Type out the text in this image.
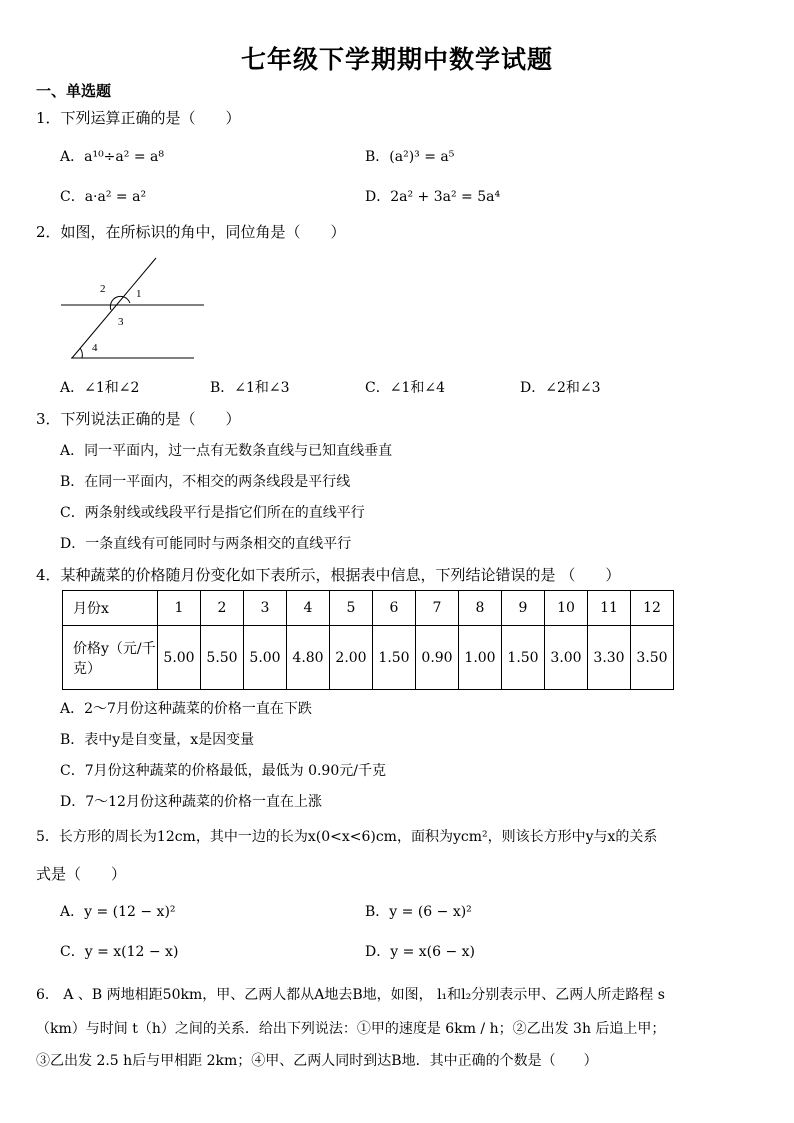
七年级下学期期中数学试题
一、单选题
1．下列运算正确的是（　　）
A．a¹⁰÷a² = a⁸	B．(a²)³ = a⁵
C．a·a² = a²	D．2a² + 3a² = 5a⁴
2．如图，在所标识的角中，同位角是（　　）
2	1
3
4
A．∠1和∠2	B．∠1和∠3	C．∠1和∠4	D．∠2和∠3
3．下列说法正确的是（　　）
A．同一平面内，过一点有无数条直线与已知直线垂直
B．在同一平面内，不相交的两条线段是平行线
C．两条射线或线段平行是指它们所在的直线平行
D．一条直线有可能同时与两条相交的直线平行
4．某种蔬菜的价格随月份变化如下表所示，根据表中信息，下列结论错误的是 （　　）
月份x	1	2	3	4	5	6	7	8	9	10	11	12
价格y（元/千克）	5.00	5.50	5.00	4.80	2.00	1.50	0.90	1.00	1.50	3.00	3.30	3.50
A．2～7月份这种蔬菜的价格一直在下跌
B．表中y是自变量，x是因变量
C．7月份这种蔬菜的价格最低，最低为 0.90元/千克
D．7～12月份这种蔬菜的价格一直在上涨
5．长方形的周长为12cm，其中一边的长为x(0<x<6)cm，面积为ycm²，则该长方形中y与x的关系
式是（　　）
A．y = (12 − x)²	B．y = (6 − x)²
C．y = x(12 − x)	D．y = x(6 − x)
6． A 、B 两地相距50km，甲、乙两人都从A地去B地，如图， l₁和l₂分别表示甲、乙两人所走路程 s
（km）与时间 t（h）之间的关系．给出下列说法：①甲的速度是 6km / h；②乙出发 3h 后追上甲；
③乙出发 2.5 h后与甲相距 2km；④甲、乙两人同时到达B地．其中正确的个数是（　　）
